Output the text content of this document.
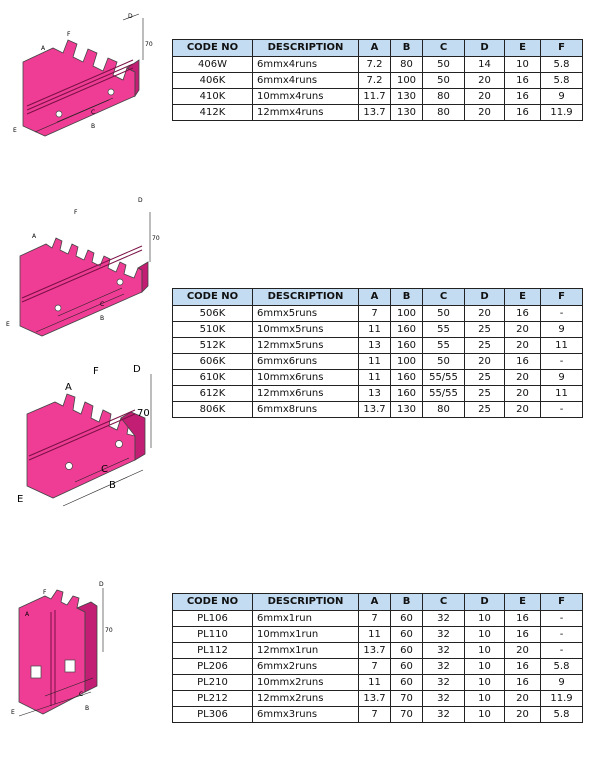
A
F
D
70
C
B
E
CODE NO	DESCRIPTION	A	B	C	D	E	F
406W	6mmx4runs	7.2	80	50	14	10	5.8
406K	6mmx4runs	7.2	100	50	20	16	5.8
410K	10mmx4runs	11.7	130	80	20	16	9
412K	12mmx4runs	13.7	130	80	20	16	11.9
A
F
D
70
C
B
E
CODE NO	DESCRIPTION	A	B	C	D	E	F
506K	6mmx5runs	7	100	50	20	16	-
510K	10mmx5runs	11	160	55	25	20	9
512K	12mmx5runs	13	160	55	25	20	11
606K	6mmx6runs	11	100	50	20	16	-
610K	10mmx6runs	11	160	55/55	25	20	9
612K	12mmx6runs	13	160	55/55	25	20	11
806K	6mmx8runs	13.7	130	80	25	20	-
A
F	D
70
C
B
E
A
F
D
70
C
B
E
CODE NO	DESCRIPTION	A	B	C	D	E	F
PL106	6mmx1run	7	60	32	10	16	-
PL110	10mmx1run	11	60	32	10	16	-
PL112	12mmx1run	13.7	60	32	10	20	-
PL206	6mmx2runs	7	60	32	10	16	5.8
PL210	10mmx2runs	11	60	32	10	16	9
PL212	12mmx2runs	13.7	70	32	10	20	11.9
PL306	6mmx3runs	7	70	32	10	20	5.8
